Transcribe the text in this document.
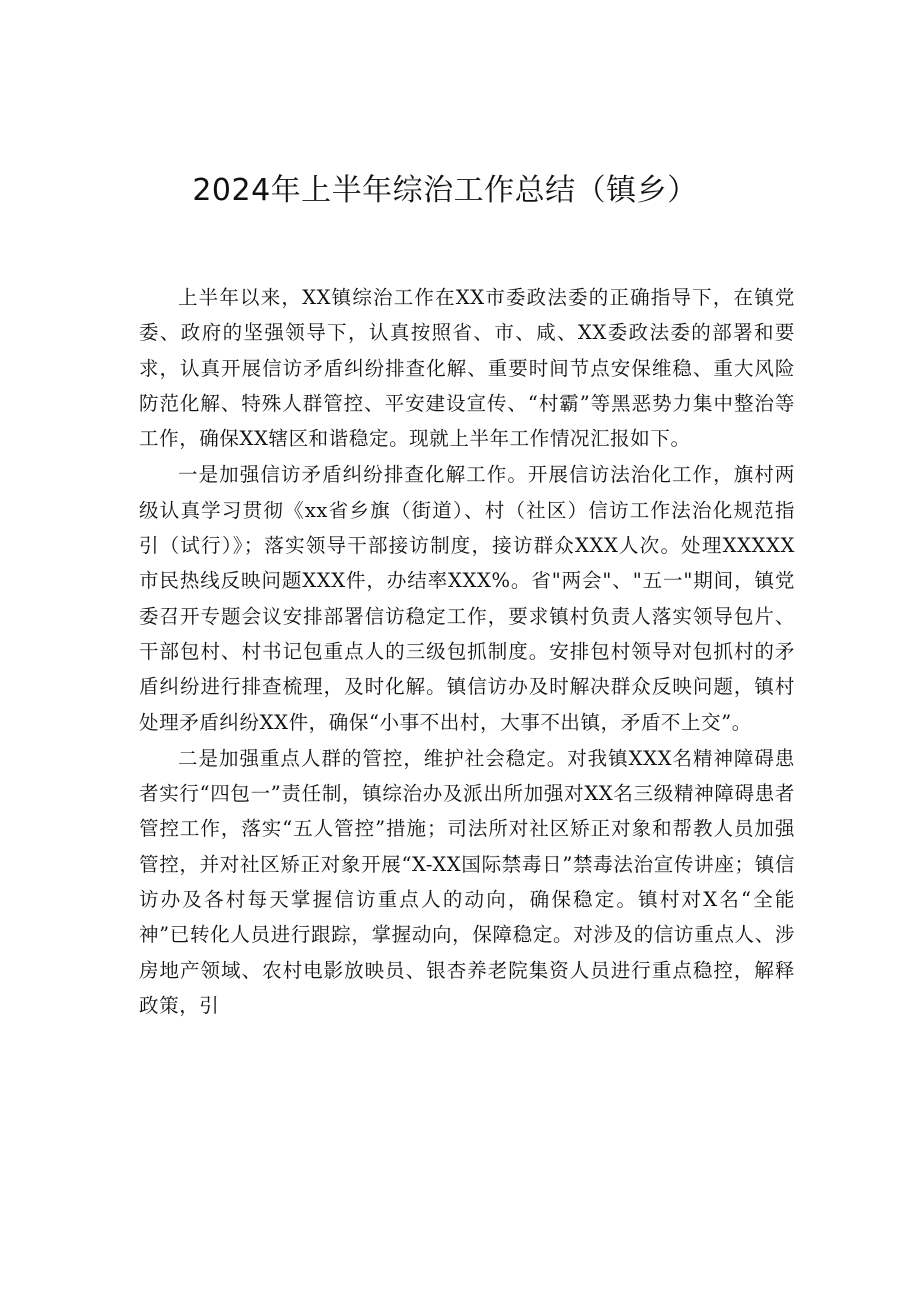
2024年上半年综治工作总结（镇乡）

上半年以来，XX镇综治工作在XX市委政法委的正确指导下，在镇党委、政府的坚强领导下，认真按照省、市、咸、XX委政法委的部署和要求，认真开展信访矛盾纠纷排查化解、重要时间节点安保维稳、重大风险防范化解、特殊人群管控、平安建设宣传、“村霸”等黑恶势力集中整治等工作，确保XX辖区和谐稳定。现就上半年工作情况汇报如下。

一是加强信访矛盾纠纷排查化解工作。开展信访法治化工作，旗村两级认真学习贯彻《xx省乡旗（街道）、村（社区）信访工作法治化规范指引（试行）》；落实领导干部接访制度，接访群众XXX人次。处理XXXXX市民热线反映问题XXX件，办结率XXX%。省"两会"、"五一"期间，镇党委召开专题会议安排部署信访稳定工作，要求镇村负责人落实领导包片、干部包村、村书记包重点人的三级包抓制度。安排包村领导对包抓村的矛盾纠纷进行排查梳理，及时化解。镇信访办及时解决群众反映问题，镇村处理矛盾纠纷XX件，确保“小事不出村，大事不出镇，矛盾不上交”。

二是加强重点人群的管控，维护社会稳定。对我镇XXX名精神障碍患者实行“四包一”责任制，镇综治办及派出所加强对XX名三级精神障碍患者管控工作，落实“五人管控”措施；司法所对社区矫正对象和帮教人员加强管控，并对社区矫正对象开展“X-XX国际禁毒日”禁毒法治宣传讲座；镇信访办及各村每天掌握信访重点人的动向，确保稳定。镇村对X名“全能神”已转化人员进行跟踪，掌握动向，保障稳定。对涉及的信访重点人、涉房地产领域、农村电影放映员、银杏养老院集资人员进行重点稳控，解释政策，引
